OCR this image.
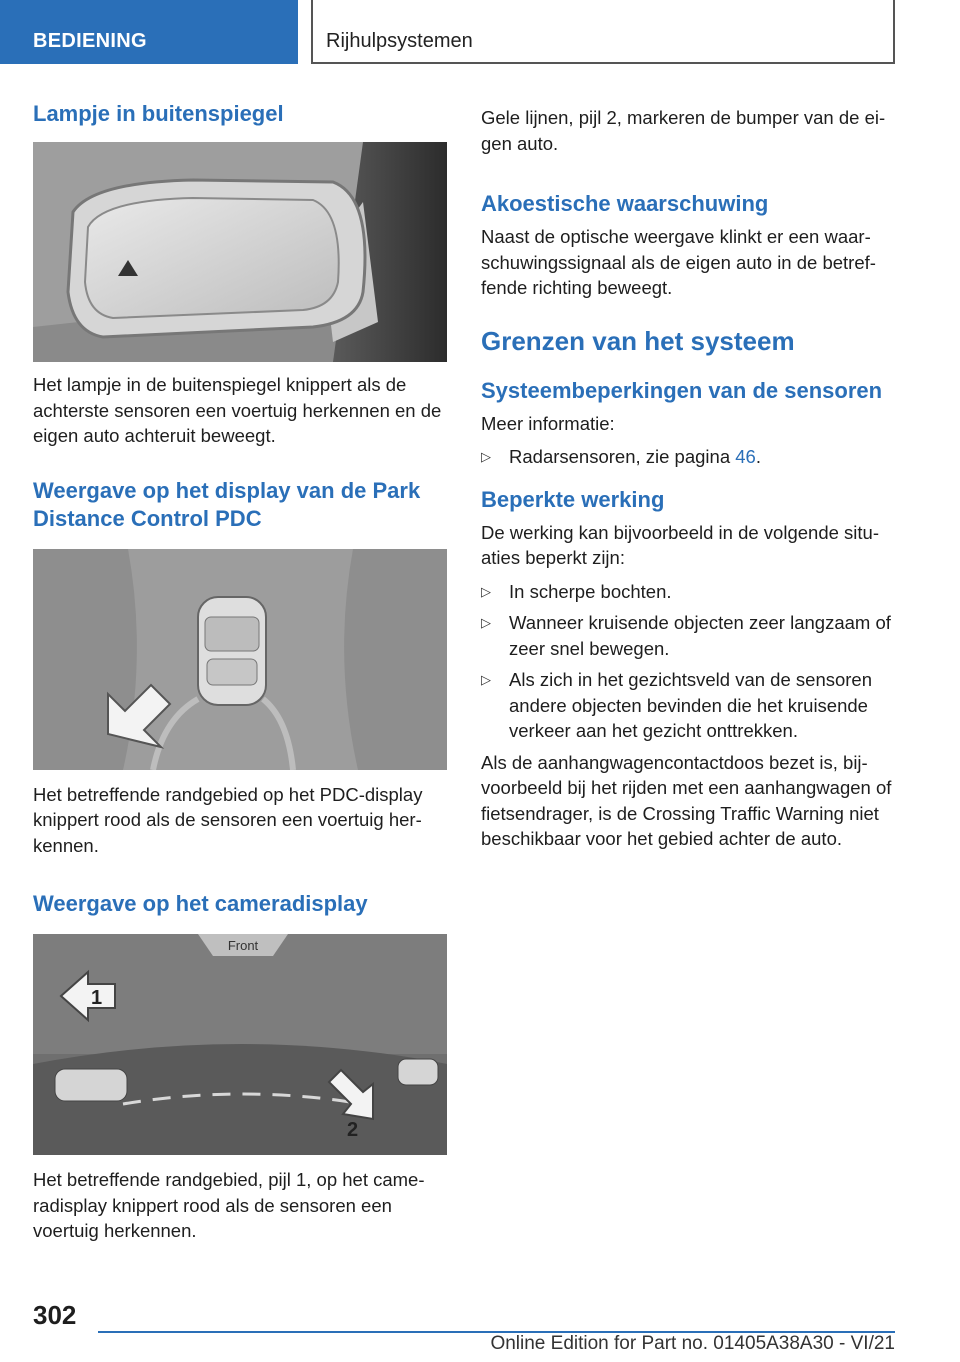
BEDIENING	Rijhulpsystemen
Lampje in buitenspiegel

Het lampje in de buitenspiegel knippert als de achterste sensoren een voertuig herkennen en de eigen auto achteruit beweegt.

Weergave op het display van de Park Distance Control PDC

Het betreffende randgebied op het PDC-display knippert rood als de sensoren een voertuig her-kennen.

Weergave op het cameradisplay
Front
1
2

Het betreffende randgebied, pijl 1, op het came-radisplay knippert rood als de sensoren een voertuig herkennen.

Gele lijnen, pijl 2, markeren de bumper van de ei-gen auto.

Akoestische waarschuwing

Naast de optische weergave klinkt er een waar-schuwingssignaal als de eigen auto in de betref-fende richting beweegt.

Grenzen van het systeem
Systeembeperkingen van de sensoren

Meer informatie:

▷ Radarsensoren, zie pagina 46.
Beperkte werking

De werking kan bijvoorbeeld in de volgende situ-aties beperkt zijn:

▷ In scherpe bochten.
▷ Wanneer kruisende objecten zeer langzaam of zeer snel bewegen.
▷ Als zich in het gezichtsveld van de sensoren andere objecten bevinden die het kruisende verkeer aan het gezicht onttrekken.

Als de aanhangwagencontactdoos bezet is, bij-voorbeeld bij het rijden met een aanhangwagen of fietsendrager, is de Crossing Traffic Warning niet beschikbaar voor het gebied achter de auto.

302
Online Edition for Part no. 01405A38A30 - VI/21
